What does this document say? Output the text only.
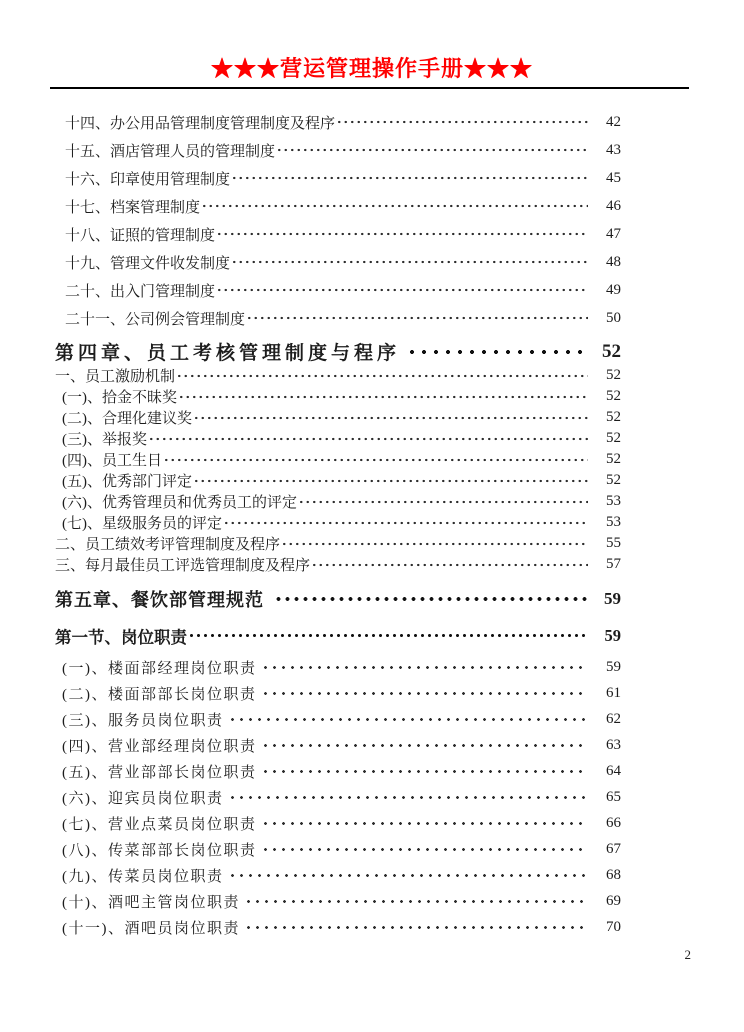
★★★营运管理操作手册★★★
十四、办公用品管理制度管理制度及程序	42
十五、酒店管理人员的管理制度	43
十六、印章使用管理制度	45
十七、档案管理制度	46
十八、证照的管理制度	47
十九、管理文件收发制度	48
二十、出入门管理制度	49
二十一、公司例会管理制度	50
第四章、员工考核管理制度与程序	52
一、员工激励机制	52
(一)、拾金不昧奖	52
(二)、合理化建议奖	52
(三)、举报奖	52
(四)、员工生日	52
(五)、优秀部门评定	52
(六)、优秀管理员和优秀员工的评定	53
(七)、星级服务员的评定	53
二、员工绩效考评管理制度及程序	55
三、每月最佳员工评选管理制度及程序	57
第五章、餐饮部管理规范	59
第一节、岗位职责	59
(一)、楼面部经理岗位职责	59
(二)、楼面部部长岗位职责	61
(三)、服务员岗位职责	62
(四)、营业部经理岗位职责	63
(五)、营业部部长岗位职责	64
(六)、迎宾员岗位职责	65
(七)、营业点菜员岗位职责	66
(八)、传菜部部长岗位职责	67
(九)、传菜员岗位职责	68
(十)、酒吧主管岗位职责	69
(十一)、酒吧员岗位职责	70
2
